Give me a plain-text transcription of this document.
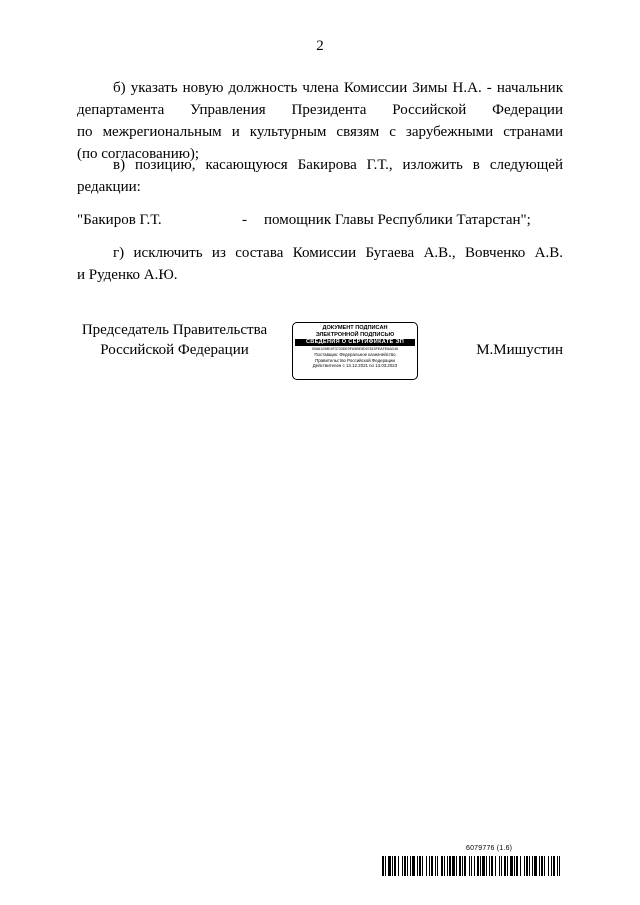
2
б) указать новую должность члена Комиссии Зимы Н.А. - начальник
департамента Управления Президента Российской Федерации
по межрегиональным и культурным связям с зарубежными странами
(по согласованию);
в) позицию, касающуюся Бакирова Г.Т., изложить в следующей
редакции:
"Бакиров Г.Т.	- помощник Главы Республики Татарстан";
г) исключить из состава Комиссии Бугаева А.В., Вовченко А.В.
и Руденко А.Ю.
Председатель Правительства
Российской Федерации
ДОКУМЕНТ ПОДПИСАН
ЭЛЕКТРОННОЙ ПОДПИСЬЮ
СВЕДЕНИЯ О СЕРТИФИКАТЕ ЭП
00A61298E4F3733DE0FA5BE5D97815FEAFE6AD46
Поставщик: Федеральное казначейство
Правительство Российской Федерации
Действителен с 13.12.2021 по 13.03.2023
М.Мишустин
6079776 (1.6)
